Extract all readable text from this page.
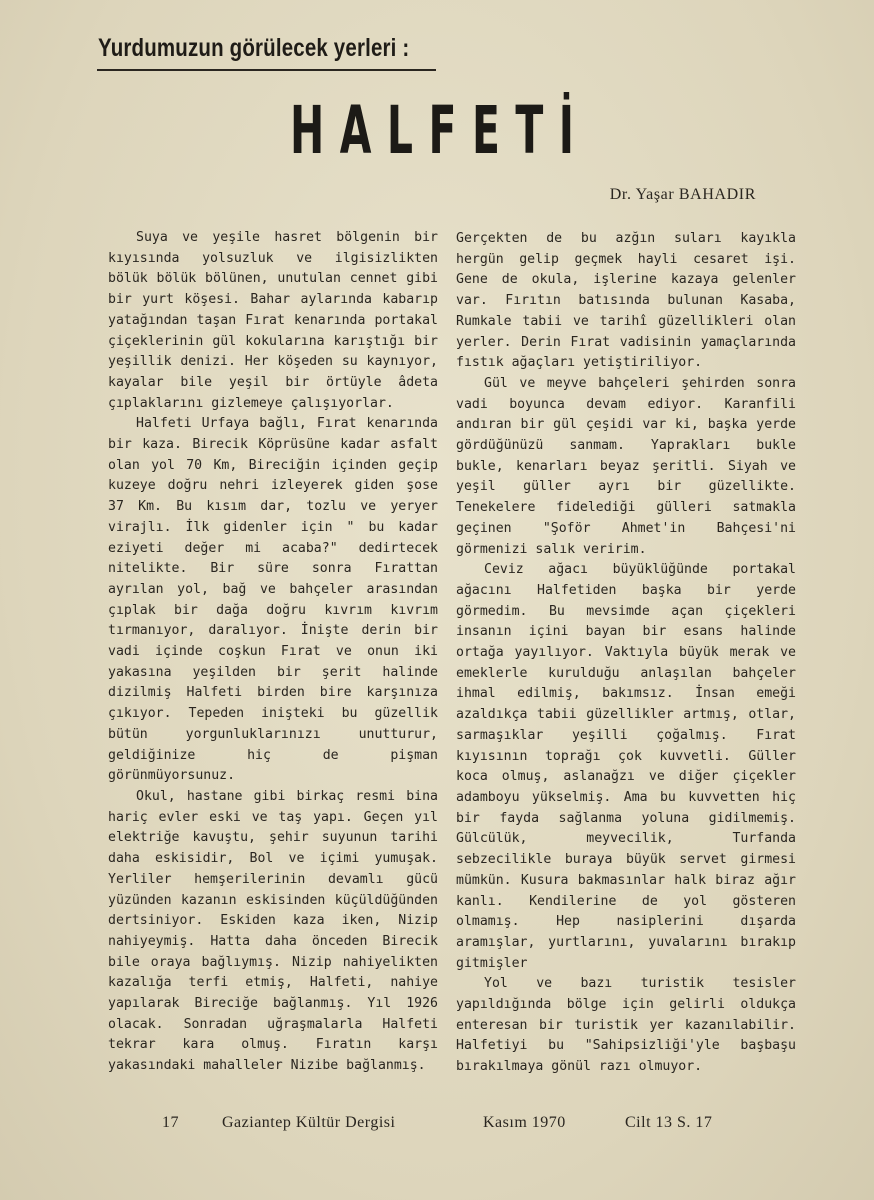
Yurdumuzun görülecek yerleri :
HALFETİ
Dr. Yaşar BAHADIR

Suya ve yeşile hasret bölgenin bir kıyısında yolsuzluk ve ilgisizlikten bölük bölük bölünen, unutulan cennet gibi bir yurt köşesi. Bahar aylarında kabarıp yatağından taşan Fırat kenarında portakal çiçeklerinin gül kokularına karıştığı bir yeşillik denizi. Her köşeden su kaynıyor, kayalar bile yeşil bir örtüyle âdeta çıplaklarını gizlemeye çalışıyorlar.

Halfeti Urfaya bağlı, Fırat kenarında bir kaza. Birecik Köprüsüne kadar asfalt olan yol 70 Km, Bireciğin içinden geçip kuzeye doğru nehri izleyerek giden şose 37 Km. Bu kısım dar, tozlu ve yeryer virajlı. İlk gidenler için " bu kadar eziyeti değer mi acaba?" dedirtecek nitelikte. Bir süre sonra Fırattan ayrılan yol, bağ ve bahçeler arasından çıplak bir dağa doğru kıvrım kıvrım tırmanıyor, daralıyor. İnişte derin bir vadi içinde coşkun Fırat ve onun iki yakasına yeşilden bir şerit halinde dizilmiş Halfeti birden bire karşınıza çıkıyor. Tepeden inişteki bu güzellik bütün yorgunluklarınızı unutturur, geldiğinize hiç de pişman görünmüyorsunuz.

Okul, hastane gibi birkaç resmi bina hariç evler eski ve taş yapı. Geçen yıl elektriğe kavuştu, şehir suyunun tarihi daha eskisidir, Bol ve içimi yumuşak. Yerliler hemşerilerinin devamlı gücü yüzünden kazanın eskisinden küçüldüğünden dertsiniyor. Eskiden kaza iken, Nizip nahiyeymiş. Hatta daha önceden Birecik bile oraya bağlıymış. Nizip nahiyelikten kazalığa terfi etmiş, Halfeti, nahiye yapılarak Bireciğe bağlanmış. Yıl 1926 olacak. Sonradan uğraşmalarla Halfeti tekrar kara olmuş. Fıratın karşı yakasındaki mahalleler Nizibe bağlanmış.

Gerçekten de bu azğın suları kayıkla hergün gelip geçmek hayli cesaret işi. Gene de okula, işlerine kazaya gelenler var. Fırıtın batısında bulunan Kasaba, Rumkale tabii ve tarihî güzellikleri olan yerler. Derin Fırat vadisinin yamaçlarında fıstık ağaçları yetiştiriliyor.

Gül ve meyve bahçeleri şehirden sonra vadi boyunca devam ediyor. Karanfili andıran bir gül çeşidi var ki, başka yerde gördüğünüzü sanmam. Yaprakları bukle bukle, kenarları beyaz şeritli. Siyah ve yeşil güller ayrı bir güzellikte. Tenekelere fidelediği gülleri satmakla geçinen "Şoför Ahmet'in Bahçesi'ni görmenizi salık veririm.

Ceviz ağacı büyüklüğünde portakal ağacını Halfetiden başka bir yerde görmedim. Bu mevsimde açan çiçekleri insanın içini bayan bir esans halinde ortağa yayılıyor. Vaktıyla büyük merak ve emeklerle kurulduğu anlaşılan bahçeler ihmal edilmiş, bakımsız. İnsan emeği azaldıkça tabii güzellikler artmış, otlar, sarmaşıklar yeşilli çoğalmış. Fırat kıyısının toprağı çok kuvvetli. Güller koca olmuş, aslanağzı ve diğer çiçekler adamboyu yükselmiş. Ama bu kuvvetten hiç bir fayda sağlanma yoluna gidilmemiş. Gülcülük, meyvecilik, Turfanda sebzecilikle buraya büyük servet girmesi mümkün. Kusura bakmasınlar halk biraz ağır kanlı. Kendilerine de yol gösteren olmamış. Hep nasiplerini dışarda aramışlar, yurtlarını, yuvalarını bırakıp gitmişler

Yol ve bazı turistik tesisler yapıldığında bölge için gelirli oldukça enteresan bir turistik yer kazanılabilir. Halfetiyi bu "Sahipsizliği'yle başbaşu bırakılmaya gönül razı olmuyor.

17	Gaziantep Kültür Dergisi	Kasım 1970	Cilt 13 S. 17
